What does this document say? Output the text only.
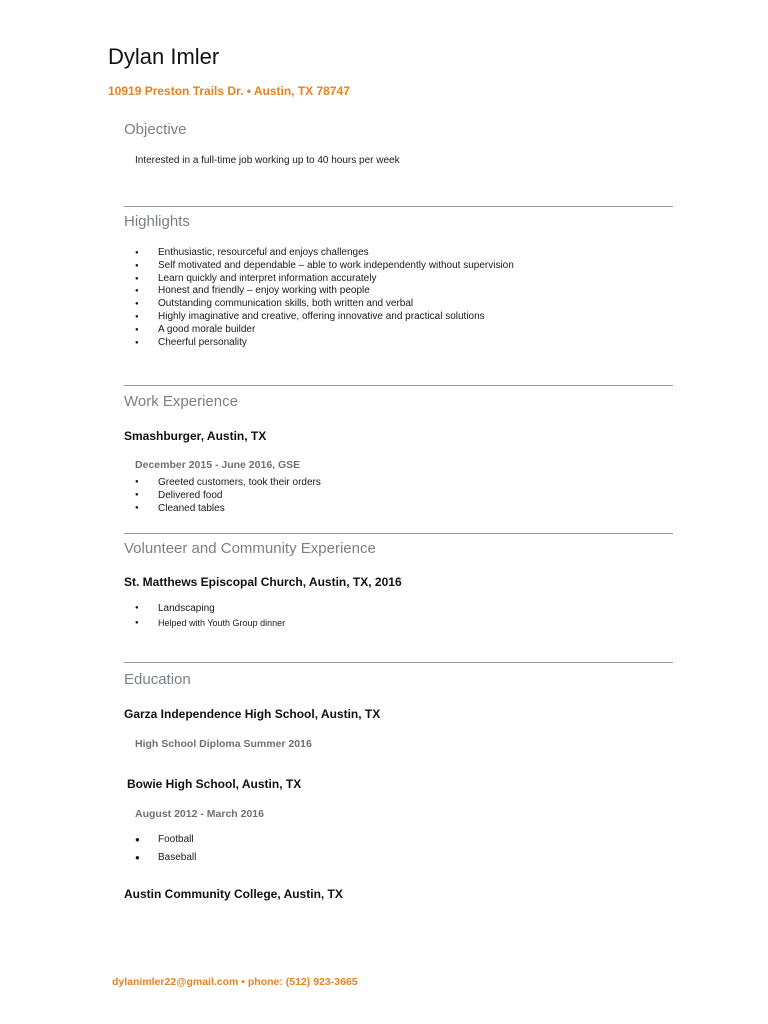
Dylan Imler
10919 Preston Trails Dr. • Austin, TX 78747
Objective
Interested in a full-time job working up to 40 hours per week
Highlights
● Enthusiastic, resourceful and enjoys challenges
● Self motivated and dependable – able to work independently without supervision
● Learn quickly and interpret information accurately
● Honest and friendly – enjoy working with people
● Outstanding communication skills, both written and verbal
● Highly imaginative and creative, offering innovative and practical solutions
● A good morale builder
● Cheerful personality
Work Experience
Smashburger, Austin, TX
December 2015 - June 2016, GSE
● Greeted customers, took their orders
● Delivered food
● Cleaned tables
Volunteer and Community Experience
St. Matthews Episcopal Church, Austin, TX, 2016
● Landscaping
● Helped with Youth Group dinner
Education
Garza Independence High School, Austin, TX
High School Diploma Summer 2016
Bowie High School, Austin, TX
August 2012 - March 2016
● Football
● Baseball
Austin Community College, Austin, TX
dylanimler22@gmail.com • phone: (512) 923-3665
